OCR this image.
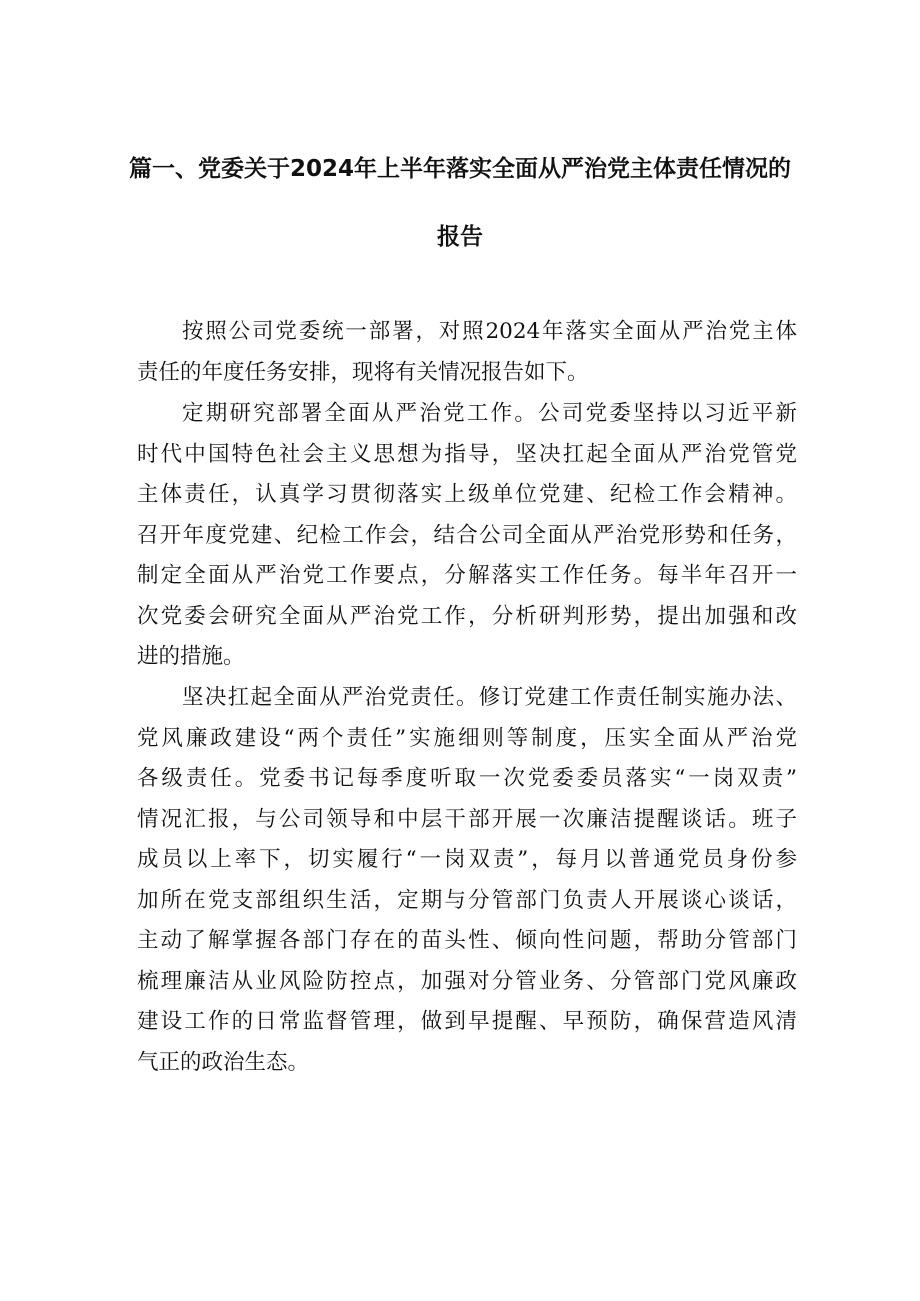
篇一、党委关于2024年上半年落实全面从严治党主体责任情况的
报告
按照公司党委统一部署，对照2024年落实全面从严治党主体
责任的年度任务安排，现将有关情况报告如下。
定期研究部署全面从严治党工作。公司党委坚持以习近平新
时代中国特色社会主义思想为指导，坚决扛起全面从严治党管党
主体责任，认真学习贯彻落实上级单位党建、纪检工作会精神。
召开年度党建、纪检工作会，结合公司全面从严治党形势和任务，
制定全面从严治党工作要点，分解落实工作任务。每半年召开一
次党委会研究全面从严治党工作，分析研判形势，提出加强和改
进的措施。
坚决扛起全面从严治党责任。修订党建工作责任制实施办法、
党风廉政建设“两个责任”实施细则等制度，压实全面从严治党
各级责任。党委书记每季度听取一次党委委员落实“一岗双责”
情况汇报，与公司领导和中层干部开展一次廉洁提醒谈话。班子
成员以上率下，切实履行“一岗双责”，每月以普通党员身份参
加所在党支部组织生活，定期与分管部门负责人开展谈心谈话，
主动了解掌握各部门存在的苗头性、倾向性问题，帮助分管部门
梳理廉洁从业风险防控点，加强对分管业务、分管部门党风廉政
建设工作的日常监督管理，做到早提醒、早预防，确保营造风清
气正的政治生态。
